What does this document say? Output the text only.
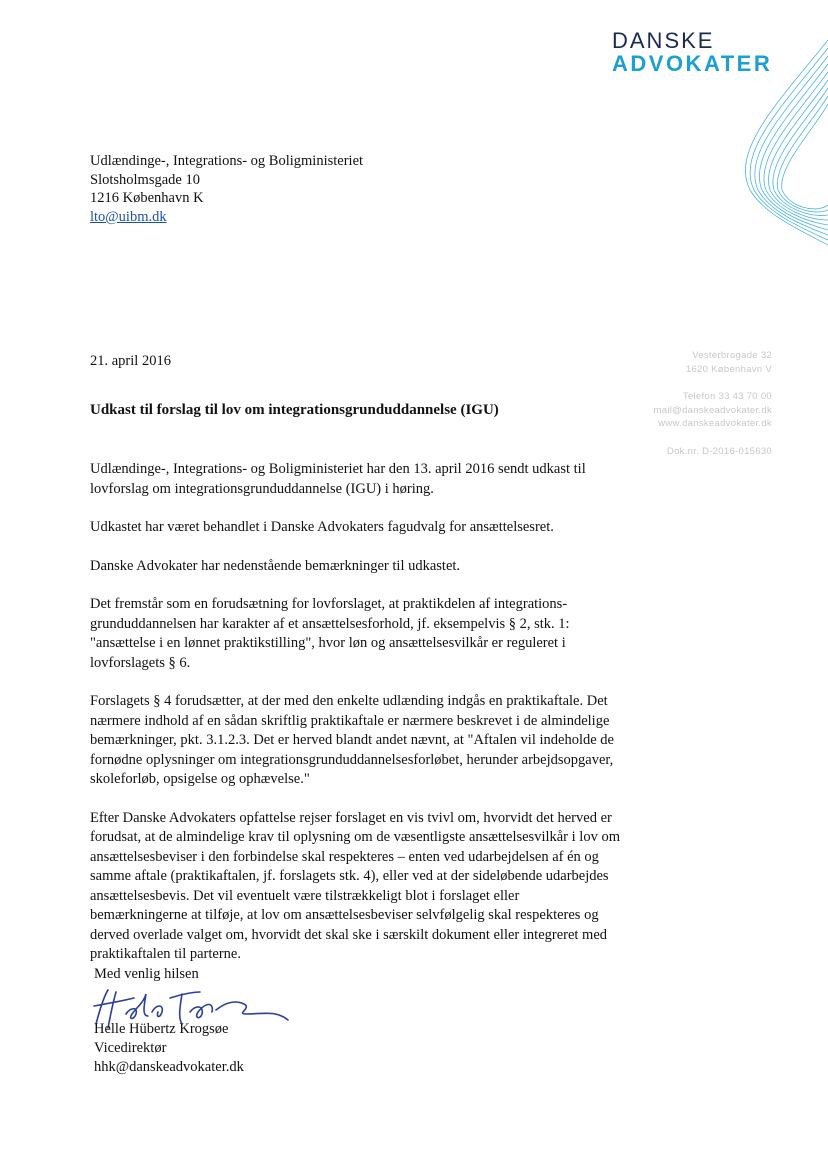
DANSKE
ADVOKATER
Udlændinge-, Integrations- og Boligministeriet
Slotsholmsgade 10
1216 København K
lto@uibm.dk
21. april 2016	Vesterbrogade 32
1620 København V
Telefon 33 43 70 00
mail@danskeadvokater.dk
www.danskeadvokater.dk
Dok.nr. D-2016-015630
Udkast til forslag til lov om integrationsgrunduddannelse (IGU)

Udlændinge-, Integrations- og Boligministeriet har den 13. april 2016 sendt udkast til lovforslag om integrationsgrunduddannelse (IGU) i høring.

Udkastet har været behandlet i Danske Advokaters fagudvalg for ansættelsesret.

Danske Advokater har nedenstående bemærkninger til udkastet.

Det fremstår som en forudsætning for lovforslaget, at praktikdelen af integrations-grunduddannelsen har karakter af et ansættelsesforhold, jf. eksempelvis § 2, stk. 1: "ansættelse i en lønnet praktikstilling", hvor løn og ansættelsesvilkår er reguleret i lovforslagets § 6.

Forslagets § 4 forudsætter, at der med den enkelte udlænding indgås en praktikaftale. Det nærmere indhold af en sådan skriftlig praktikaftale er nærmere beskrevet i de almindelige bemærkninger, pkt. 3.1.2.3. Det er herved blandt andet nævnt, at "Aftalen vil indeholde de fornødne oplysninger om integrationsgrunduddannelsesforløbet, herunder arbejdsopgaver, skoleforløb, opsigelse og ophævelse."

Efter Danske Advokaters opfattelse rejser forslaget en vis tvivl om, hvorvidt det herved er forudsat, at de almindelige krav til oplysning om de væsentligste ansættelsesvilkår i lov om ansættelsesbeviser i den forbindelse skal respekteres – enten ved udarbejdelsen af én og samme aftale (praktikaftalen, jf. forslagets stk. 4), eller ved at der sideløbende udarbejdes ansættelsesbevis. Det vil eventuelt være tilstrækkeligt blot i forslaget eller bemærkningerne at tilføje, at lov om ansættelsesbeviser selvfølgelig skal respekteres og derved overlade valget om, hvorvidt det skal ske i særskilt dokument eller integreret med praktikaftalen til parterne.

Med venlig hilsen
Helle Hübertz Krogsøe
Vicedirektør
hhk@danskeadvokater.dk
